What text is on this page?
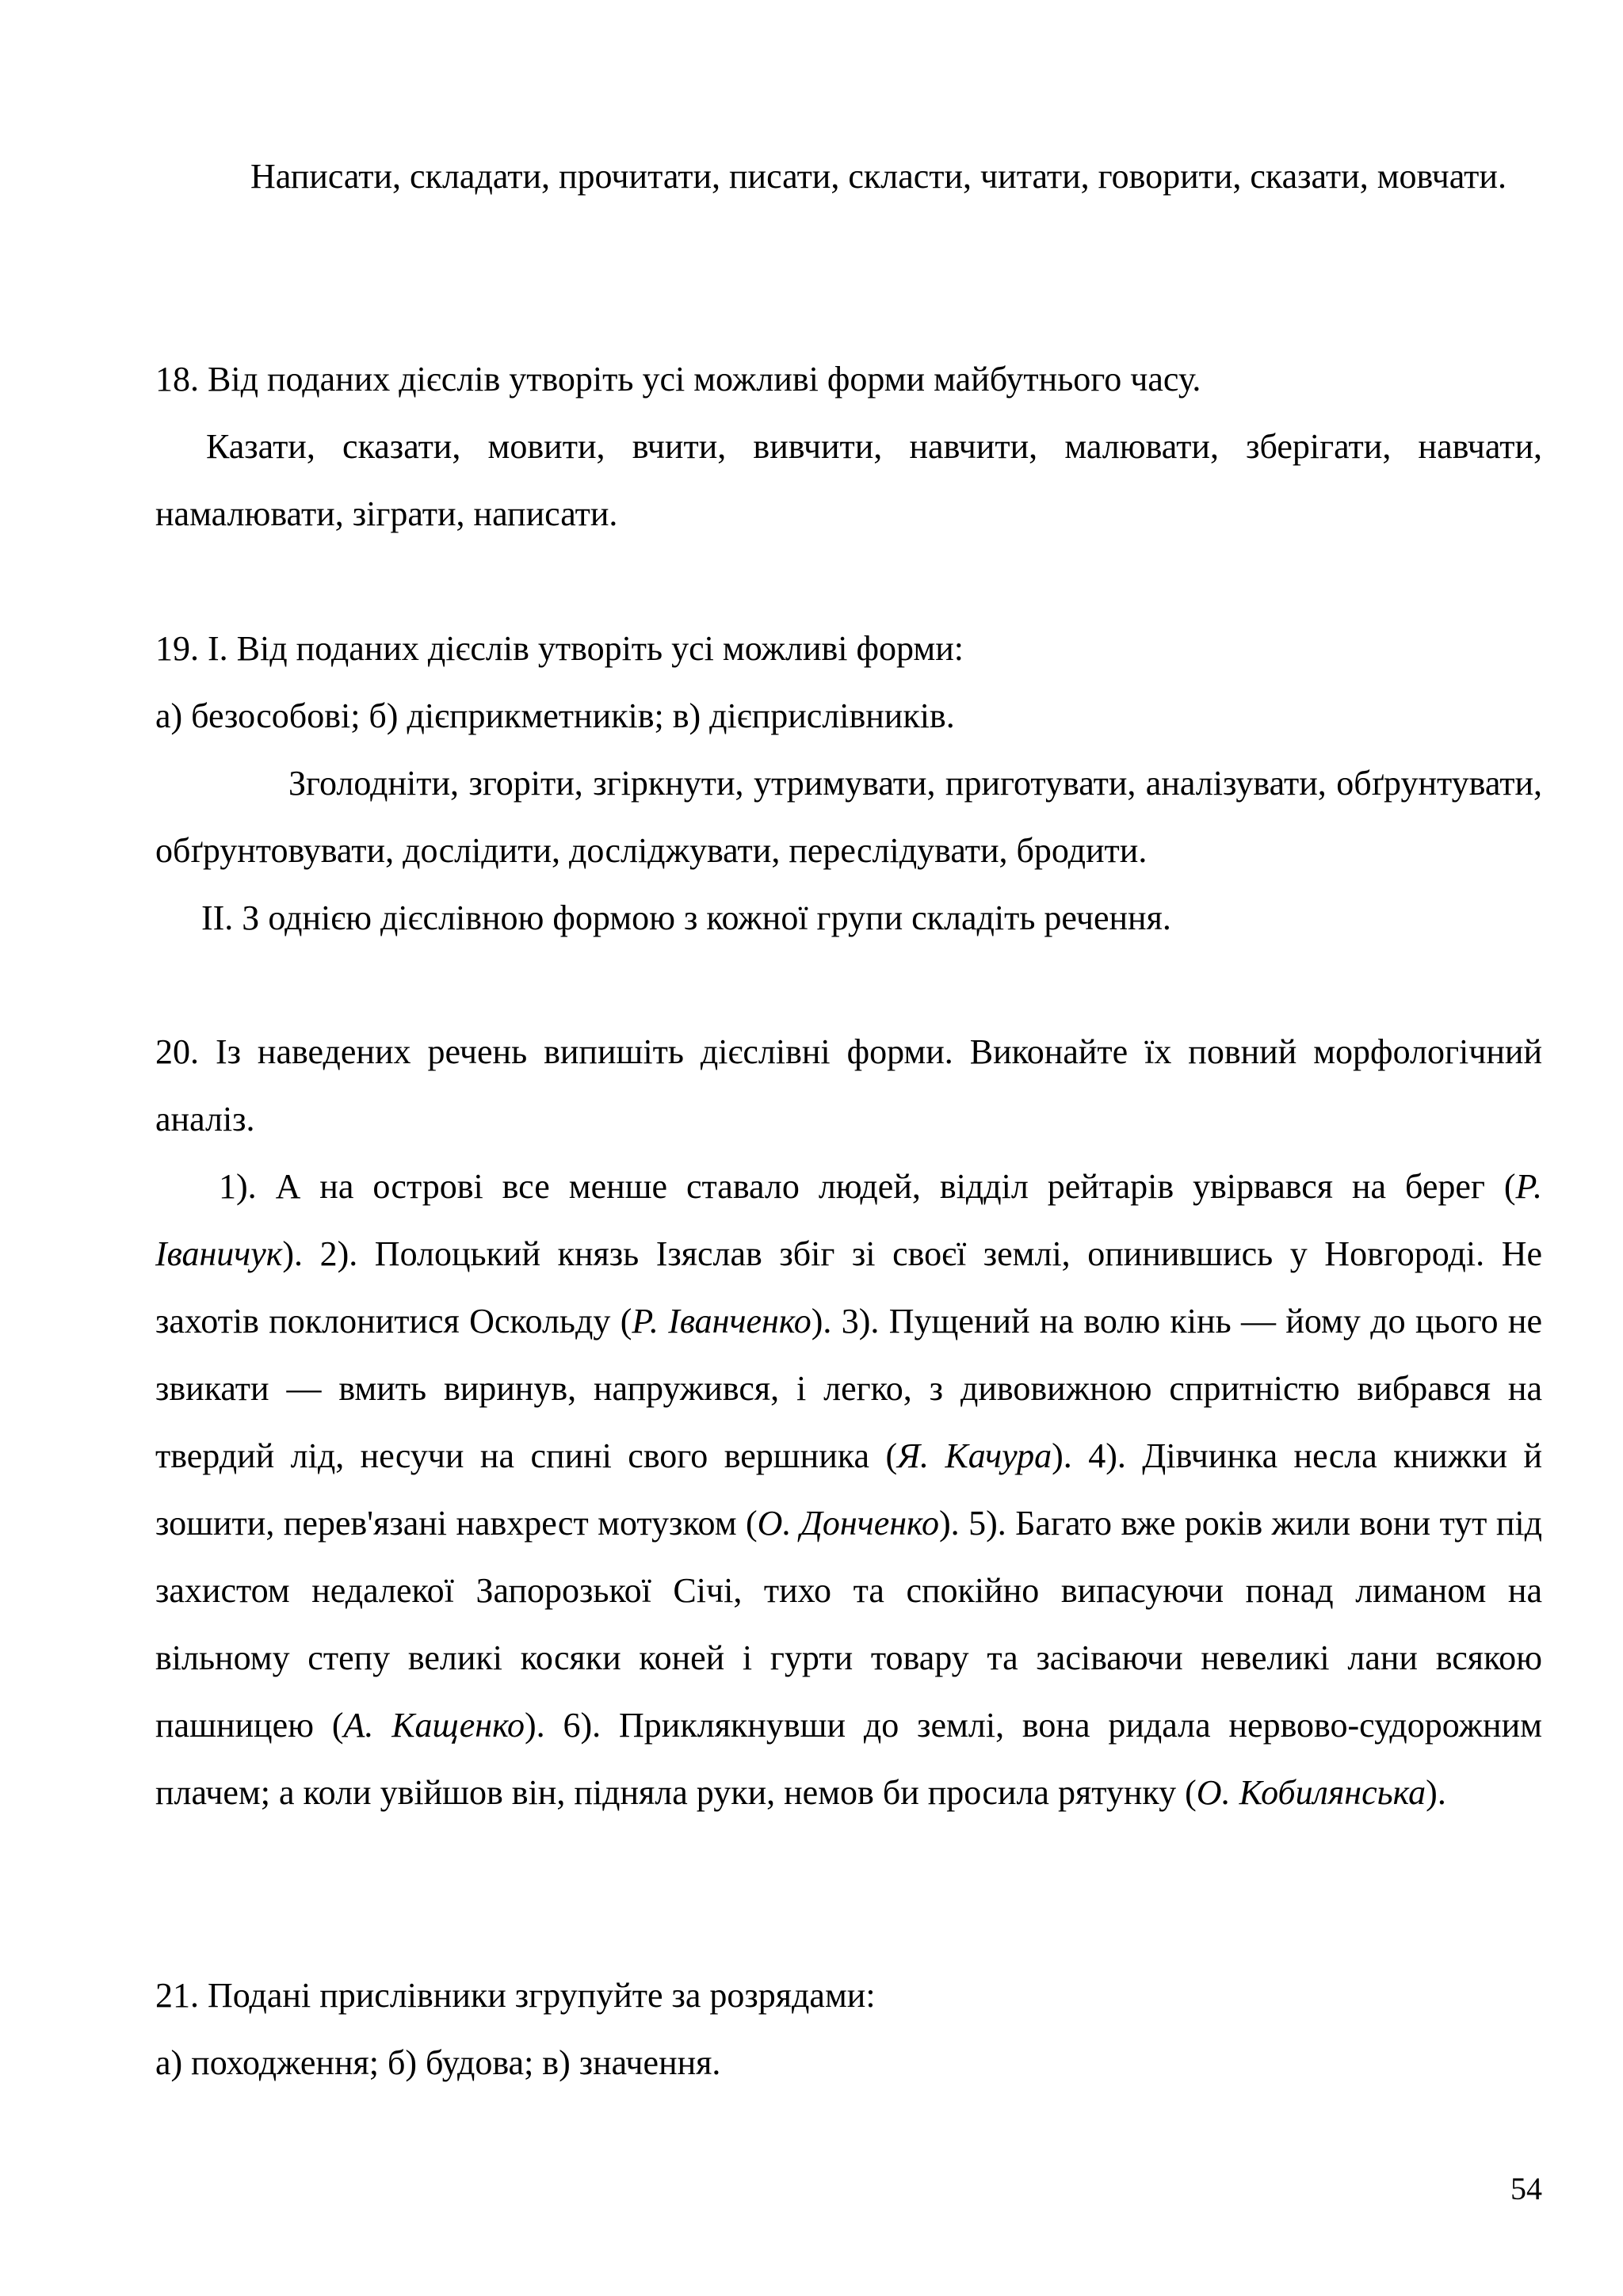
Написати, складати, прочитати, писати, скласти, читати, говорити, сказати, мовчати.

18. Від поданих дієслів утворіть усі можливі форми майбутнього часу.

Казати, сказати, мовити, вчити, вивчити, навчити, малювати, зберігати, навчати, намалювати, зіграти, написати.

19. І. Від поданих дієслів утворіть усі можливі форми:

а) безособові; б) дієприкметників; в) дієприслівників.

Зголодніти, згоріти, згіркнути, утримувати, приготувати, аналізувати, обґрунтувати, обґрунтовувати, дослідити, досліджувати, переслідувати, бродити.

ІІ. З однією дієслівною формою з кожної групи складіть речення.

20. Із наведених речень випишіть дієслівні форми. Виконайте їх повний морфологічний аналіз.

1). А на острові все менше ставало людей, відділ рейтарів увірвався на берег (Р. Іваничук). 2). Полоцький князь Ізяслав збіг зі своєї землі, опинившись у Новгороді. Не захотів поклонитися Оскольду (Р. Іванченко). 3). Пущений на волю кінь — йому до цього не звикати — вмить виринув, напружився, і легко, з дивовижною спритністю вибрався на твердий лід, несучи на спині свого вершника (Я. Качура). 4). Дівчинка несла книжки й зошити, перев'язані навхрест мотузком (О. Донченко). 5). Багато вже років жили вони тут під захистом недалекої Запорозької Січі, тихо та спокійно випасуючи понад лиманом на вільному степу великі косяки коней і гурти товару та засіваючи невеликі лани всякою пашницею (А. Кащенко). 6). Приклякнувши до землі, вона ридала нервово-судорожним плачем; а коли увійшов він, підняла руки, немов би просила рятунку (О. Кобилянська).

21. Подані прислівники згрупуйте за розрядами:

а) походження; б) будова; в) значення.

54
